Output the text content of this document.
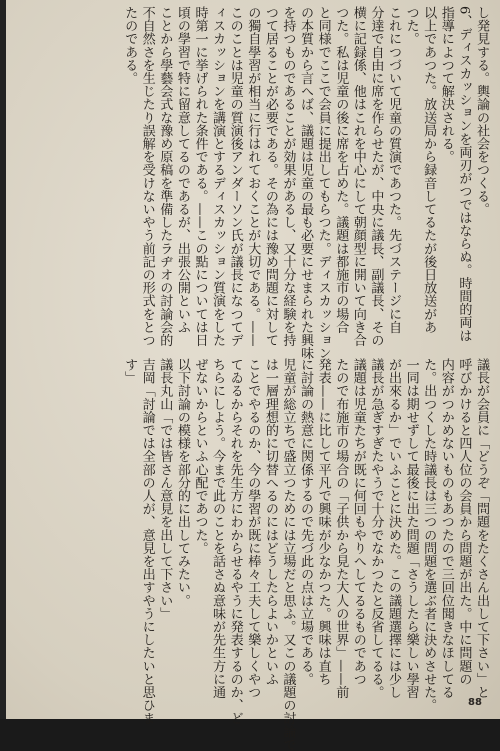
し発見する。輿論の社会をつくる。
6、ディスカッションを両刃がつではならぬ。時間的両は
指導によつて解決される。
以上であつた。放送局から録音してるたが後日放送があ
つた。
これにつづいて児童の質演であつた。先づステージに自
分達で自由に席を作らせたが、中央に議長、副議長、その
横に記録係、他はこれを中心にして朝顔型に開いて向き合
つた。私は児童の後に席を占めた。議題は都施市の場合
と同様でここで会員に提出してもらつた。ディスカッション
の本質から言へば、議題は児童の最も必要にせまられた興味
を持つものであることが効果があるし、又十分な経験を持
つて居ることが必要である。その為には豫め問題に対して
の獨自學習が相当に行はれておくことが大切である。——
このことは児童の質演後アンダーソン氏が議長になつてデ
ィスカッションを講演とするディスカッション質演をした
時第一に挙げられた条件である。——この點については日
頃の學習で特に留意してるのであるが、出張公開といふ
ことから學藝会式な豫め原稿を準備したラヂオの討論会的
不自然さを生じたり誤解を受けないやう前記の形式をとつ
たのである。
議長が会員に「どうぞ「問題をたくさん出して下さい」と
呼びかけると四人位の会員から問題が出た。中に問題の
内容がつかめないものもあつたので三回位聞きなほしてる
た。出つくした時議長は三つの問題を選ぶ者に決めさせた。
一同は期せずして最後に出た問題「さうしたら樂しい學習
が出來るか」でいふことに決めた。この議題選擇には少し
議長が急ぎすぎたやうで十分でなかつたと反省してるる。
議題は児童たちが既に何回もやりへしてるるものであつ
たので布施市の場合の「子供から見た大人の世界」——前
発表——に比して平凡で興味が少なかつた。興味は直ち
に討論の熱意に関係するので先づ此の点は立場である。
児童が総立ちで盛立つためには立場だと思ふ。又この議題の討論で
は一層理想的に切替へるのにはどうしたらよいかといふ
ことでやるのか、今の學習が既に棒々工夫して樂しくやつ
てゐるからそれを先生方にわからせるやうに発表するのか、ど
ちらにしよう。今まで此のことを話さぬ意味が先生方に通
ぜないからといふ心配であつた。
以下討論の模様を部分的に出してみたい。
議長丸山「では皆さん意見を出して下さい」
吉岡「討論では全部の人が、意見を出すやうにしたいと思ひま
す」
88
